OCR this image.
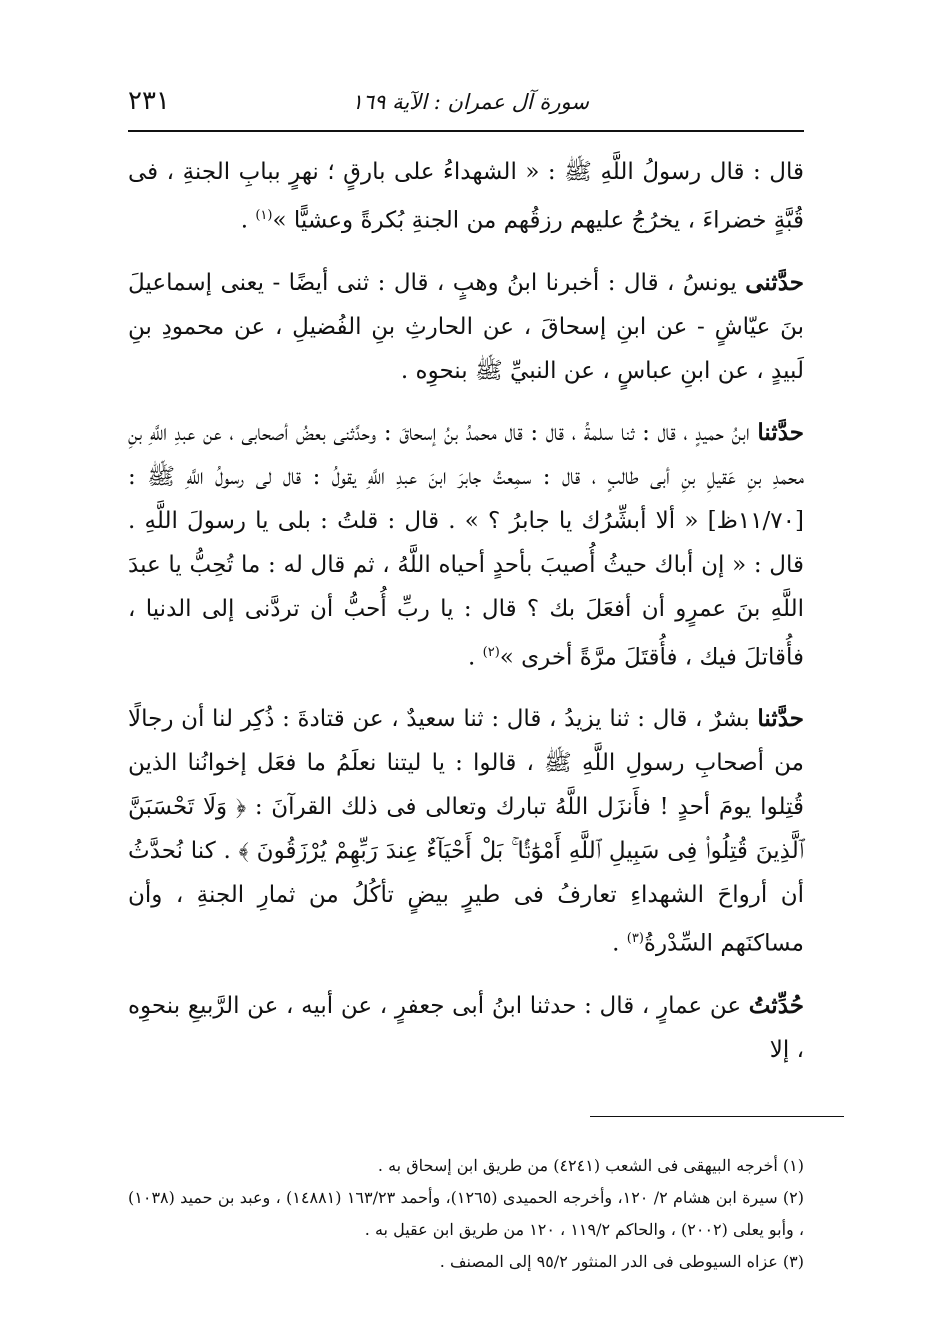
سورة آل عمران : الآية ١٦٩
٢٣١

قال : قال رسولُ اللَّهِ ﷺ : « الشهداءُ على بارقٍ ؛ نهرٍ ببابِ الجنةِ ، فى قُبَّةٍ خضراءَ ، يخرُجُ عليهم رزقُهم من الجنةِ بُكرةً وعشيًّا »$^{(١)}$ .

حدَّثنى يونسُ ، قال : أخبرنا ابنُ وهبٍ ، قال : ثنى أيضًا - يعنى إسماعيلَ بنَ عيّاشٍ - عن ابنِ إسحاقَ ، عن الحارثِ بنِ الفُضيلِ ، عن محمودِ بنِ لَبيدٍ ، عن ابنِ عباسٍ ، عن النبيِّ ﷺ بنحوِه .

حدَّثنا ابنُ حميدٍ ، قال : ثنا سلمةُ ، قال : قال محمدُ بنُ إسحاقَ : وحدَّثنى بعضُ أصحابى ، عن عبدِ اللَّهِ بنِ محمدِ بنِ عَقيلِ بنِ أبى طالبٍ ، قال : سمِعتُ جابرَ ابنَ عبدِ اللَّهِ يقولُ : قال لى رسولُ اللَّهِ ﷺ : [١١/٧٠ظ] « ألا أبشِّرُك يا جابرُ ؟ » . قال : قلتُ : بلى يا رسولَ اللَّهِ . قال : « إن أباك حيثُ أُصيبَ بأحدٍ أحياه اللَّهُ ، ثم قال له : ما تُحِبُّ يا عبدَ اللَّهِ بنَ عمرٍو أن أفعَلَ بك ؟ قال : يا ربِّ أُحبُّ أن تردَّنى إلى الدنيا ، فأُقاتلَ فيك ، فأُقتَلَ مرَّةً أخرى »$^{(٢)}$ .

حدَّثنا بشرٌ ، قال : ثنا يزيدُ ، قال : ثنا سعيدٌ ، عن قتادةَ : ذُكِر لنا أن رجالًا من أصحابِ رسولِ اللَّهِ ﷺ ، قالوا : يا ليتنا نعلَمُ ما فعَل إخوانُنا الذين قُتِلوا يومَ أحدٍ ! فأَنزَل اللَّهُ تبارك وتعالى فى ذلك القرآنَ : ﴿ وَلَا تَحْسَبَنَّ ٱلَّذِينَ قُتِلُوا۟ فِى سَبِيلِ ٱللَّهِ أَمْوَٰتًۢا ۚ بَلْ أَحْيَآءٌ عِندَ رَبِّهِمْ يُرْزَقُونَ ﴾ . كنا نُحدَّثُ أن أرواحَ الشهداءِ تعارفُ فى طيرٍ بيضٍ تأكُلُ من ثمارِ الجنةِ ، وأن مساكنَهم السِّدْرةُ$^{(٣)}$ .

حُدِّثتُ عن عمارٍ ، قال : حدثنا ابنُ أبى جعفرٍ ، عن أبيه ، عن الرَّبيعِ بنحوِه ، إلا

(١) أخرجه البيهقى فى الشعب (٤٢٤١) من طريق ابن إسحاق به .

(٢) سيرة ابن هشام ٢/ ١٢٠، وأخرجه الحميدى (١٢٦٥)، وأحمد ١٦٣/٢٣ (١٤٨٨١) ، وعبد بن حميد (١٠٣٨) ، وأبو يعلى (٢٠٠٢) ، والحاكم ١١٩/٢ ، ١٢٠ من طريق ابن عقيل به .

(٣) عزاه السيوطى فى الدر المنثور ٩٥/٢ إلى المصنف .
